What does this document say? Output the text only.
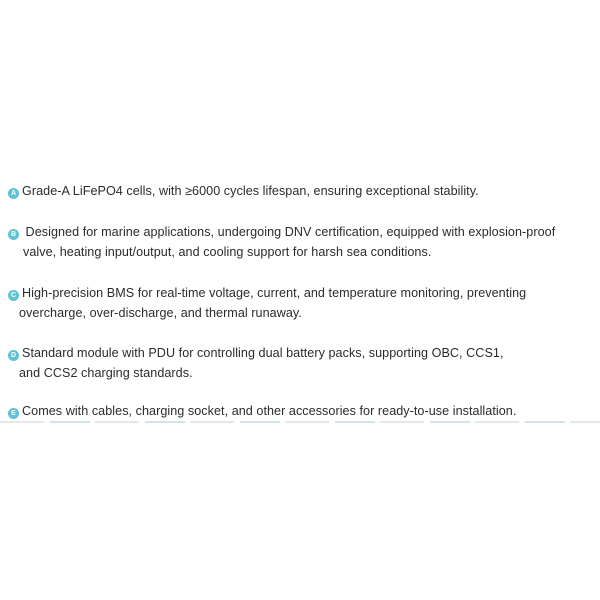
A Grade-A LiFePO4 cells, with ≥6000 cycles lifespan, ensuring exceptional stability.
B Designed for marine applications, undergoing DNV certification, equipped with explosion-proof
valve, heating input/output, and cooling support for harsh sea conditions.
C High-precision BMS for real-time voltage, current, and temperature monitoring, preventing
overcharge, over-discharge, and thermal runaway.
D Standard module with PDU for controlling dual battery packs, supporting OBC, CCS1,
and CCS2 charging standards.
E Comes with cables, charging socket, and other accessories for ready-to-use installation.
